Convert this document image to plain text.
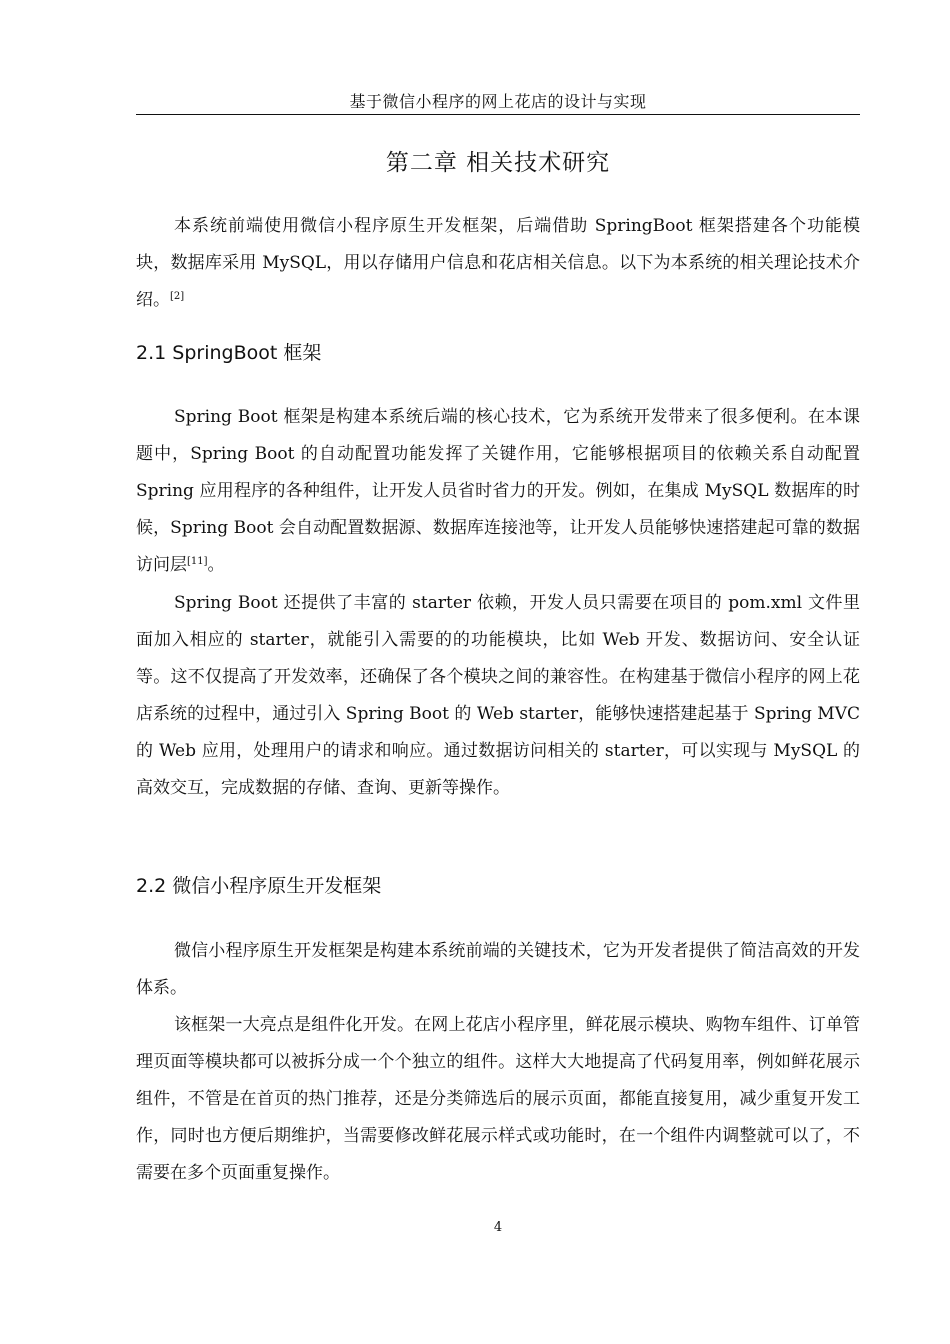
基于微信小程序的网上花店的设计与实现
第二章 相关技术研究

本系统前端使用微信小程序原生开发框架，后端借助 SpringBoot 框架搭建各个功能模块，数据库采用 MySQL，用以存储用户信息和花店相关信息。以下为本系统的相关理论技术介绍。[2]

2.1 SpringBoot 框架

Spring Boot 框架是构建本系统后端的核心技术，它为系统开发带来了很多便利。在本课题中，Spring Boot 的自动配置功能发挥了关键作用，它能够根据项目的依赖关系自动配置 Spring 应用程序的各种组件，让开发人员省时省力的开发。例如，在集成 MySQL 数据库的时候，Spring Boot 会自动配置数据源、数据库连接池等，让开发人员能够快速搭建起可靠的数据访问层[11]。

Spring Boot 还提供了丰富的 starter 依赖，开发人员只需要在项目的 pom.xml 文件里面加入相应的 starter，就能引入需要的的功能模块，比如 Web 开发、数据访问、安全认证等。这不仅提高了开发效率，还确保了各个模块之间的兼容性。在构建基于微信小程序的网上花店系统的过程中，通过引入 Spring Boot 的 Web starter，能够快速搭建起基于 Spring MVC 的 Web 应用，处理用户的请求和响应。通过数据访问相关的 starter，可以实现与 MySQL 的高效交互，完成数据的存储、查询、更新等操作。

2.2 微信小程序原生开发框架

微信小程序原生开发框架是构建本系统前端的关键技术，它为开发者提供了简洁高效的开发体系。

该框架一大亮点是组件化开发。在网上花店小程序里，鲜花展示模块、购物车组件、订单管理页面等模块都可以被拆分成一个个独立的组件。这样大大地提高了代码复用率，例如鲜花展示组件，不管是在首页的热门推荐，还是分类筛选后的展示页面，都能直接复用，减少重复开发工作，同时也方便后期维护，当需要修改鲜花展示样式或功能时，在一个组件内调整就可以了，不需要在多个页面重复操作。

4
